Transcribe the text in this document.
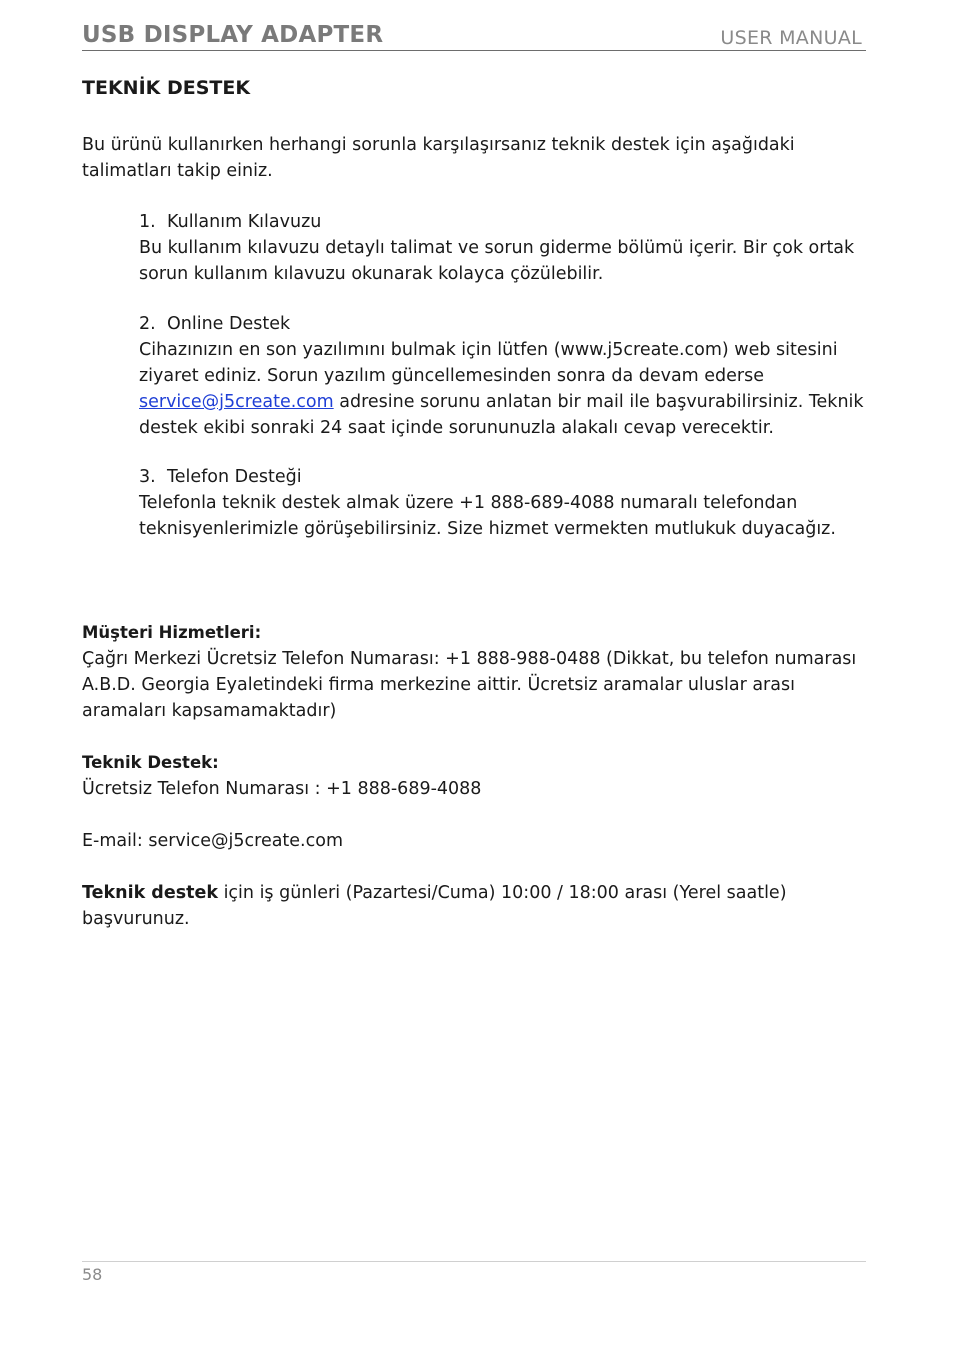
USB DISPLAY ADAPTER	USER MANUAL
TEKNİK DESTEK

Bu ürünü kullanırken herhangi sorunla karşılaşırsanız teknik destek için aşağıdaki talimatları takip einiz.

1. Kullanım Kılavuzu
Bu kullanım kılavuzu detaylı talimat ve sorun giderme bölümü içerir. Bir çok ortak sorun kullanım kılavuzu okunarak kolayca çözülebilir.
2. Online Destek
Cihazınızın en son yazılımını bulmak için lütfen (www.j5create.com) web sitesini ziyaret ediniz. Sorun yazılım güncellemesinden sonra da devam ederse service@j5create.com adresine sorunu anlatan bir mail ile başvurabilirsiniz. Teknik destek ekibi sonraki 24 saat içinde sorununuzla alakalı cevap verecektir.
3. Telefon Desteği
Telefonla teknik destek almak üzere +1 888-689-4088 numaralı telefondan teknisyenlerimizle görüşebilirsiniz. Size hizmet vermekten mutlukuk duyacağız.
Müşteri Hizmetleri:
Çağrı Merkezi Ücretsiz Telefon Numarası: +1 888-988-0488 (Dikkat, bu telefon numarası A.B.D. Georgia Eyaletindeki firma merkezine aittir. Ücretsiz aramalar uluslar arası aramaları kapsamamaktadır)
Teknik Destek:
Ücretsiz Telefon Numarası : +1 888-689-4088
E-mail: service@j5create.com
Teknik destek için iş günleri (Pazartesi/Cuma) 10:00 / 18:00 arası (Yerel saatle) başvurunuz.
58
